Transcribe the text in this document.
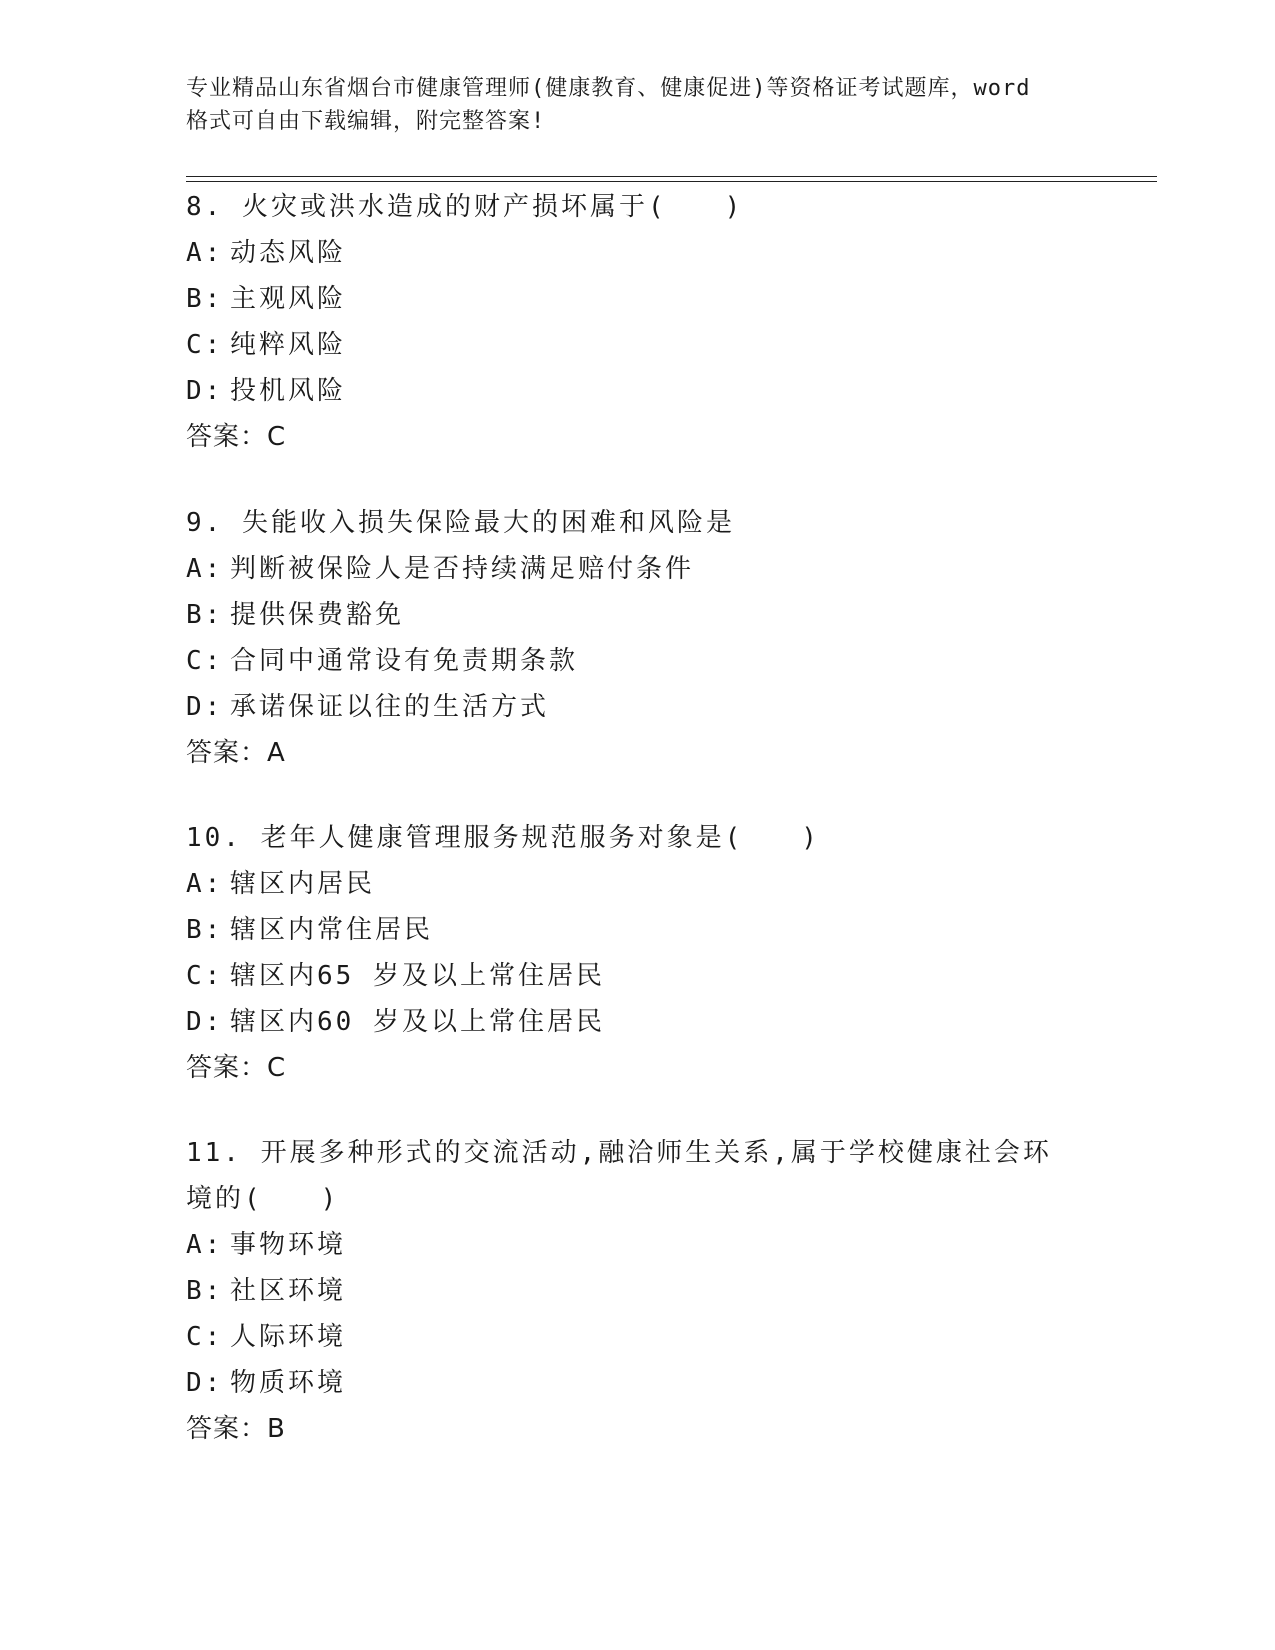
专业精品山东省烟台市健康管理师(健康教育、健康促进)等资格证考试题库，word
格式可自由下载编辑，附完整答案!
8. 火灾或洪水造成的财产损坏属于(　　)
A: 动态风险
B: 主观风险
C: 纯粹风险
D: 投机风险
答案：C
9. 失能收入损失保险最大的困难和风险是
A: 判断被保险人是否持续满足赔付条件
B: 提供保费豁免
C: 合同中通常设有免责期条款
D: 承诺保证以往的生活方式
答案：A
10. 老年人健康管理服务规范服务对象是(　　)
A: 辖区内居民
B: 辖区内常住居民
C: 辖区内65 岁及以上常住居民
D: 辖区内60 岁及以上常住居民
答案：C
11. 开展多种形式的交流活动,融洽师生关系,属于学校健康社会环境的(　　)
A: 事物环境
B: 社区环境
C: 人际环境
D: 物质环境
答案：B
